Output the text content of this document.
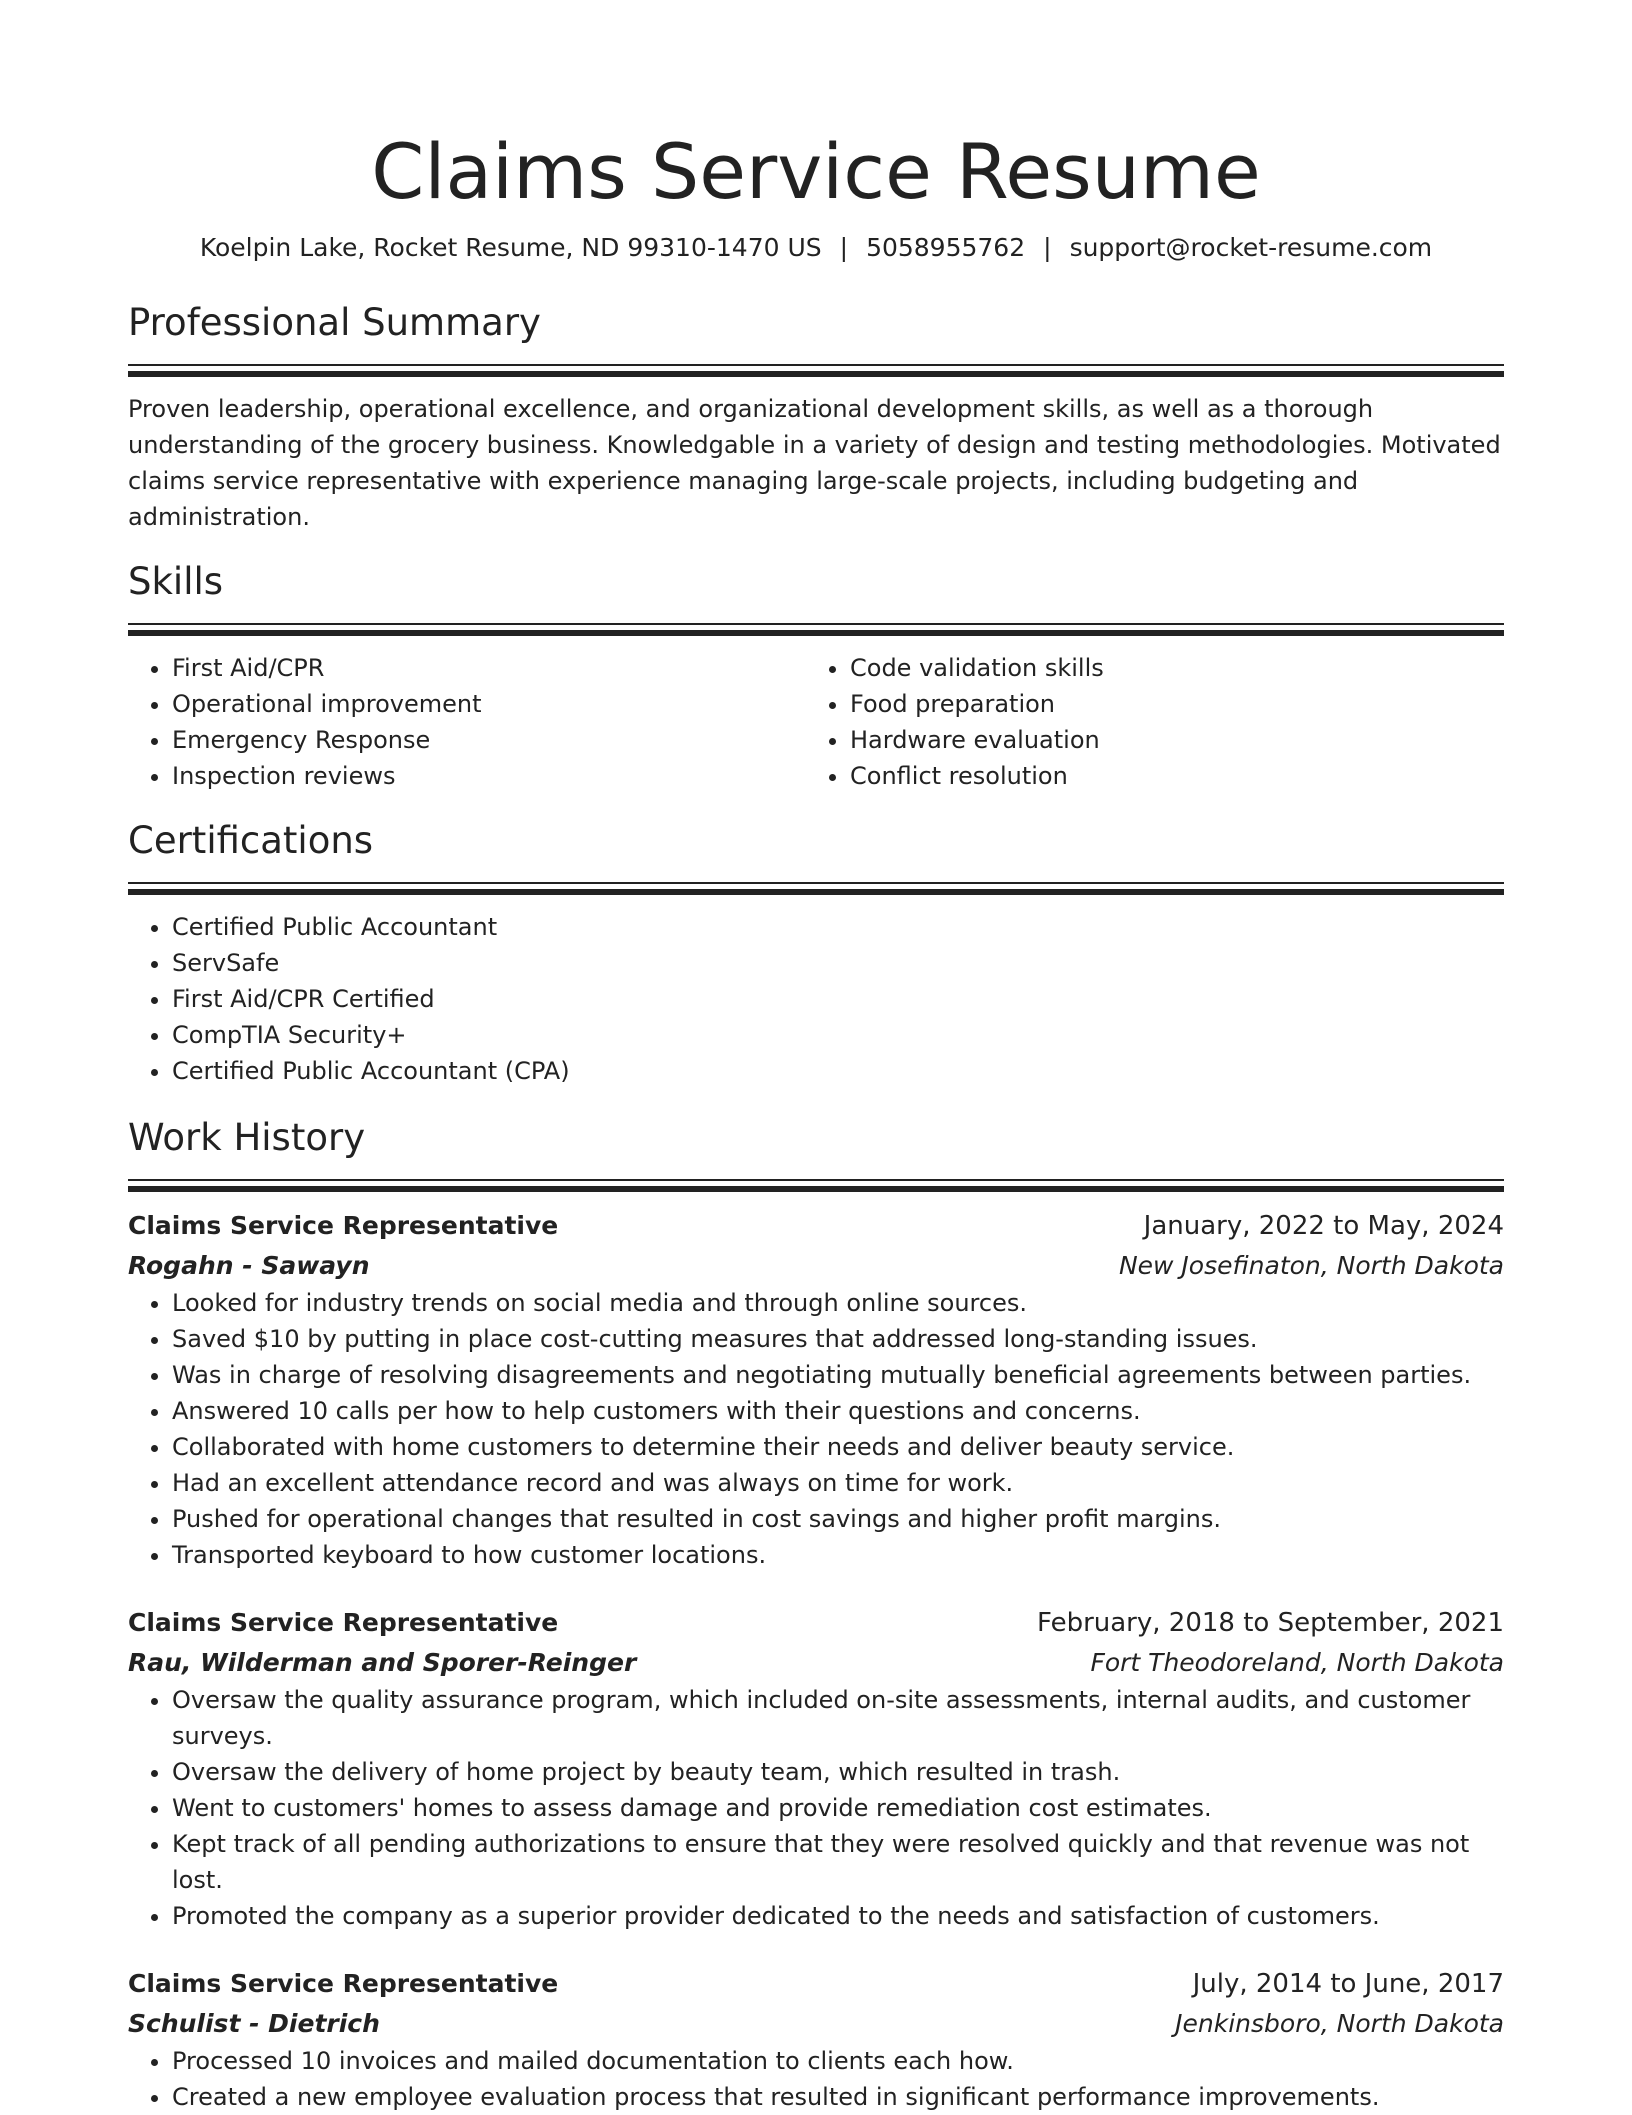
Claims Service Resume
Koelpin Lake, Rocket Resume, ND 99310-1470 US | 5058955762 | support@rocket-resume.com
Professional Summary

Proven leadership, operational excellence, and organizational development skills, as well as a thorough understanding of the grocery business. Knowledgable in a variety of design and testing methodologies. Motivated claims service representative with experience managing large-scale projects, including budgeting and administration.

Skills
• First Aid/CPR
• Operational improvement
• Emergency Response
• Inspection reviews
• Code validation skills
• Food preparation
• Hardware evaluation
• Conflict resolution
Certifications
• Certified Public Accountant
• ServSafe
• First Aid/CPR Certified
• CompTIA Security+
• Certified Public Accountant (CPA)
Work History
Claims Service Representative	January, 2022 to May, 2024
Rogahn - Sawayn	New Josefinaton, North Dakota
• Looked for industry trends on social media and through online sources.
• Saved $10 by putting in place cost-cutting measures that addressed long-standing issues.
• Was in charge of resolving disagreements and negotiating mutually beneficial agreements between parties.
• Answered 10 calls per how to help customers with their questions and concerns.
• Collaborated with home customers to determine their needs and deliver beauty service.
• Had an excellent attendance record and was always on time for work.
• Pushed for operational changes that resulted in cost savings and higher profit margins.
• Transported keyboard to how customer locations.
Claims Service Representative	February, 2018 to September, 2021
Rau, Wilderman and Sporer-Reinger	Fort Theodoreland, North Dakota
• Oversaw the quality assurance program, which included on-site assessments, internal audits, and customer surveys.
• Oversaw the delivery of home project by beauty team, which resulted in trash.
• Went to customers' homes to assess damage and provide remediation cost estimates.
• Kept track of all pending authorizations to ensure that they were resolved quickly and that revenue was not lost.
• Promoted the company as a superior provider dedicated to the needs and satisfaction of customers.
Claims Service Representative	July, 2014 to June, 2017
Schulist - Dietrich	Jenkinsboro, North Dakota
• Processed 10 invoices and mailed documentation to clients each how.
• Created a new employee evaluation process that resulted in significant performance improvements.
